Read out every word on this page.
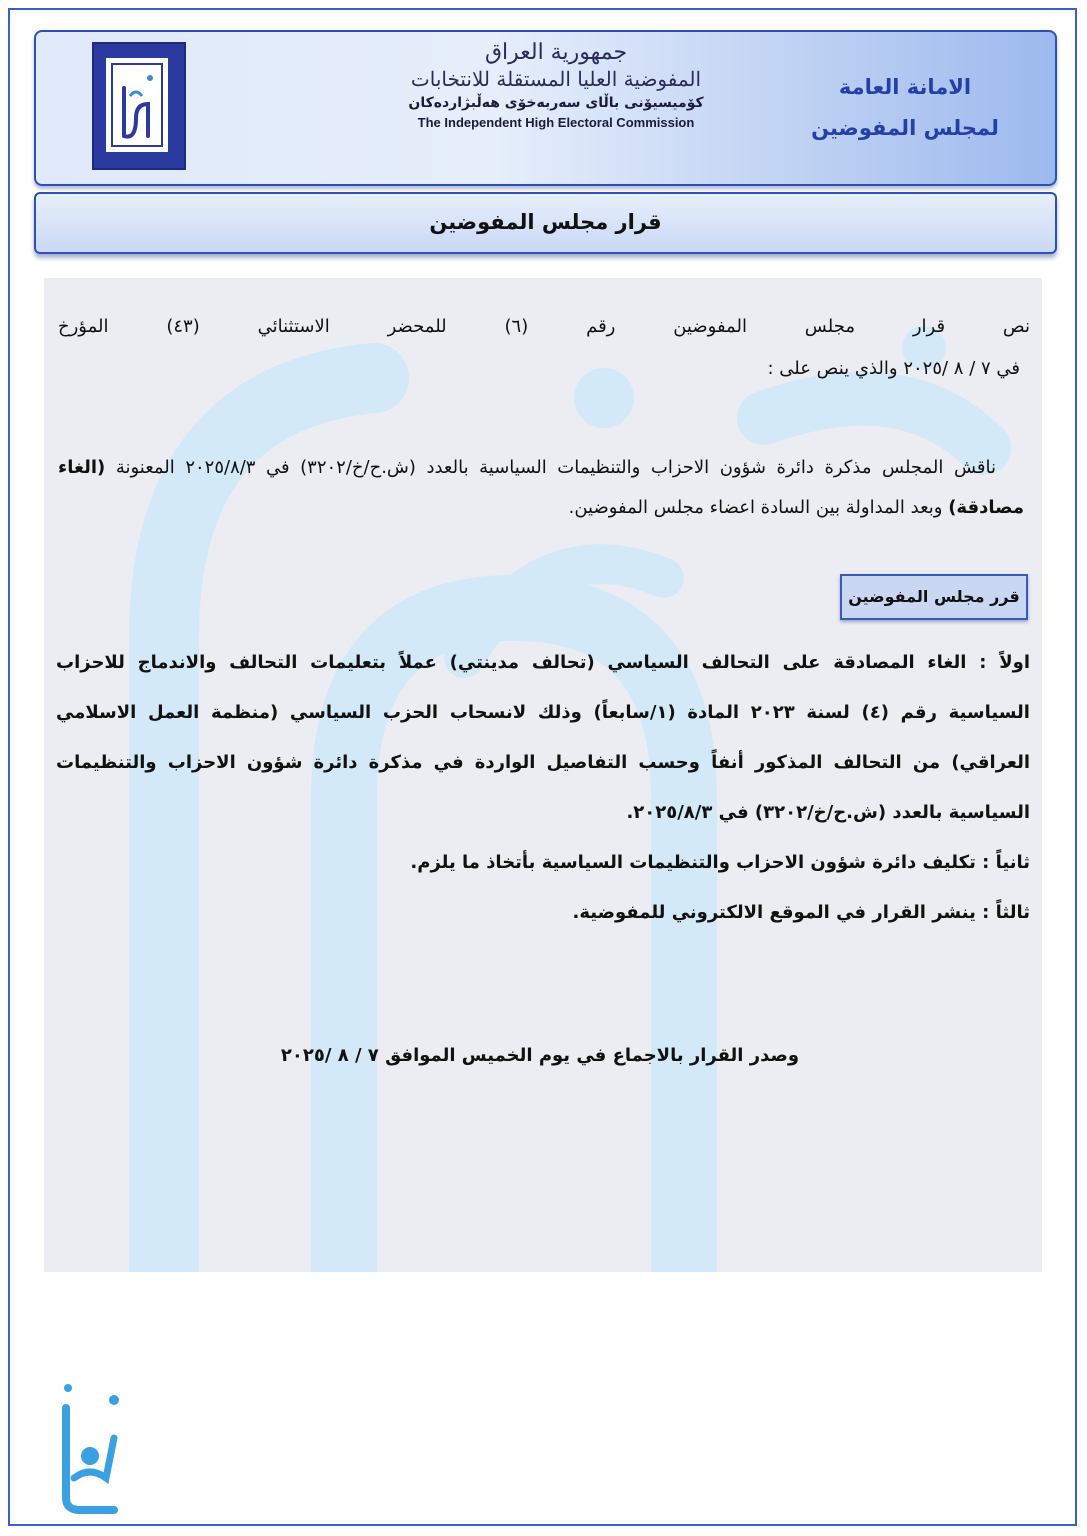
جمهورية العراق
المفوضية العليا المستقلة للانتخابات
كۆمیسیۆنی باڵای سەربەخۆی هەڵبژاردەکان
The Independent High Electoral Commission
الامانة العامة
لمجلس المفوضين
قرار مجلس المفوضين
نص قرار مجلس المفوضين رقم (٦) للمحضر الاستثنائي (٤٣) المؤرخ
في ٧ / ٨ /٢٠٢٥ والذي ينص على :
ناقش المجلس مذكرة دائرة شؤون الاحزاب والتنظيمات السياسية بالعدد (ش.ح/خ/٣٢٠٢) في ٢٠٢٥/٨/٣ المعنونة (الغاء مصادقة) وبعد المداولة بين السادة اعضاء مجلس المفوضين.
قرر مجلس المفوضين
اولاً : الغاء المصادقة على التحالف السياسي (تحالف مدينتي) عملاً بتعليمات التحالف والاندماج للاحزاب السياسية رقم (٤) لسنة ٢٠٢٣ المادة (١/سابعاً) وذلك لانسحاب الحزب السياسي (منظمة العمل الاسلامي العراقي) من التحالف المذكور أنفاً وحسب التفاصيل الواردة في مذكرة دائرة شؤون الاحزاب والتنظيمات السياسية بالعدد (ش.ح/خ/٣٢٠٢) في ٢٠٢٥/٨/٣.
ثانياً : تكليف دائرة شؤون الاحزاب والتنظيمات السياسية بأتخاذ ما يلزم.
ثالثاً : ينشر القرار في الموقع الالكتروني للمفوضية.
وصدر القرار بالاجماع في يوم الخميس الموافق ٧ / ٨ /٢٠٢٥
